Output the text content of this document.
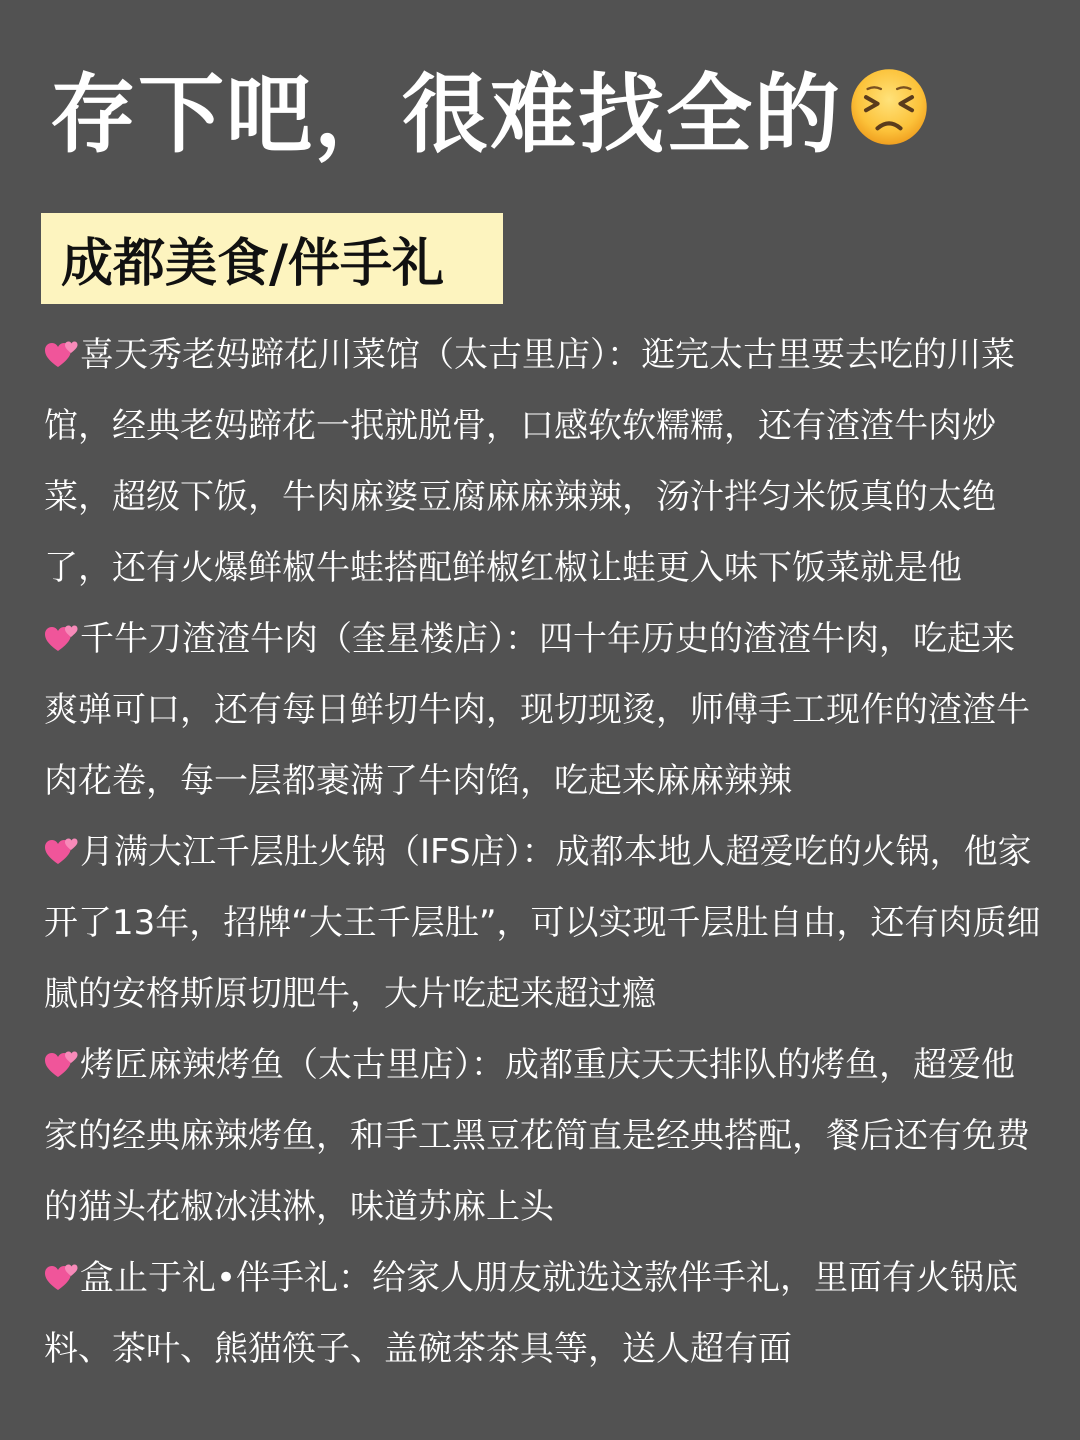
存下吧，很难找全的
成都美食/伴手礼

喜天秀老妈蹄花川菜馆（太古里店）：逛完太古里要去吃的川菜馆，经典老妈蹄花一抿就脱骨，口感软软糯糯，还有渣渣牛肉炒菜，超级下饭，牛肉麻婆豆腐麻麻辣辣，汤汁拌匀米饭真的太绝了，还有火爆鲜椒牛蛙搭配鲜椒红椒让蛙更入味下饭菜就是他

千牛刀渣渣牛肉（奎星楼店）：四十年历史的渣渣牛肉，吃起来爽弹可口，还有每日鲜切牛肉，现切现烫，师傅手工现作的渣渣牛肉花卷，每一层都裹满了牛肉馅，吃起来麻麻辣辣

月满大江千层肚火锅（IFS店）：成都本地人超爱吃的火锅，他家开了13年，招牌“大王千层肚”，可以实现千层肚自由，还有肉质细腻的安格斯原切肥牛，大片吃起来超过瘾

烤匠麻辣烤鱼（太古里店）：成都重庆天天排队的烤鱼，超爱他家的经典麻辣烤鱼，和手工黑豆花简直是经典搭配，餐后还有免费的猫头花椒冰淇淋，味道苏麻上头

盒止于礼•伴手礼：给家人朋友就选这款伴手礼，里面有火锅底料、茶叶、熊猫筷子、盖碗茶茶具等，送人超有面
